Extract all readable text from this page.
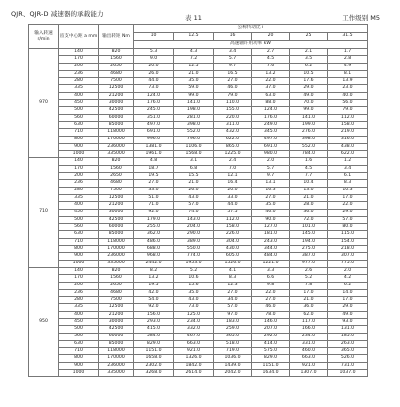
QJR、QJR-D 减速器的承载能力	表 11	工作级别 M5
输入转速 r/min	齿支中心距 a mm	输出转矩 Nm	公称传动比 i					
			10	12.5	16	20	25	31.5
			高速轴许用功率 kW					
970	140	820	5.3	4.3	3.4	2.7	2.1	1.7
	170	1560	9.0	7.2	5.7	4.5	3.5	2.8
	200	2650	20.0	12.5	9.7	7.6	6.2	4.9
	236	4680	26.0	21.0	16.5	13.2	10.5	8.1
	280	7500	44.0	35.0	27.0	22.0	17.6	13.9
	335	12500	73.0	59.0	46.0	37.0	29.0	23.0
	400	21200	124.0	99.0	79.0	63.0	49.0	40.0
	450	30000	176.0	141.0	110.0	88.0	70.0	56.0
	500	42500	245.0	198.0	155.0	124.0	99.0	79.0
	560	60000	351.0	281.0	220.0	176.0	141.0	112.0
	630	85000	497.0	398.0	311.0	249.0	199.0	158.0
	710	118000	691.0	552.0	432.0	345.0	276.0	219.0
	800	170000	996.0	796.0	622.0	497.0	398.0	316.0
	900	236000	1381.0	1106.0	865.0	691.0	552.0	438.0
	1000	335000	1961.0	1568.0	1225.0	980.0	784.0	622.0
710	140	820	4.8	3.1	2.4	2.0	1.6	1.2
	170	1560	18.7	6.8	7.0	5.7	4.5	3.4
	200	2650	19.5	15.5	12.1	9.7	7.7	6.1
	236	4680	27.0	21.0	16.4	13.1	10.4	8.3
	280	7500	33.0	26.0	20.0	16.3	13.0	10.3
	335	12500	51.0	43.0	33.0	27.0	21.0	17.0
	400	21200	71.0	57.0	44.0	35.0	28.0	22.0
	450	30000	92.0	74.0	57.5	46.0	36.0	29.0
	500	42500	179.0	143.0	112.0	90.0	72.0	57.0
	560	60000	255.0	204.0	158.0	127.0	101.0	80.0
	630	85000	362.0	290.0	226.0	181.0	145.0	115.0
	710	118000	486.0	389.0	304.0	243.0	194.0	154.0
	800	170000	688.0	550.0	430.0	344.0	275.0	218.0
	900	236000	968.0	774.0	605.0	484.0	387.0	307.0
	1000	335000	2442.0	1953.0	1526.0	1221.0	977.0	775.0
950	140	820	8.2	5.2	4.1	3.3	2.6	2.0
	170	1560	13.2	10.6	8.3	6.6	5.2	4.2
	200	2650	19.5	15.6	12.3	9.8	7.8	6.2
	236	4680	42.0	35.0	27.0	22.0	17.0	14.0
	280	7500	54.0	43.0	34.0	27.0	21.0	17.0
	335	12500	92.0	73.0	57.0	46.0	36.0	29.0
	400	21200	156.0	125.0	97.0	78.0	62.0	49.0
	450	30000	293.0	234.0	183.0	146.0	117.0	93.0
	500	42500	415.0	332.0	259.0	207.0	166.0	131.0
	560	60000	584.0	467.0	365.0	292.0	234.0	185.0
	630	85000	829.0	663.0	518.0	414.0	331.0	263.0
	710	118000	1151.0	921.0	719.0	575.0	460.0	365.0
	800	170000	1658.0	1326.0	1036.0	829.0	663.0	526.0
	900	236000	2302.0	1842.0	1439.0	1151.0	921.0	731.0
	1000	335000	3268.0	2614.0	2042.0	1634.0	1307.0	1037.0
